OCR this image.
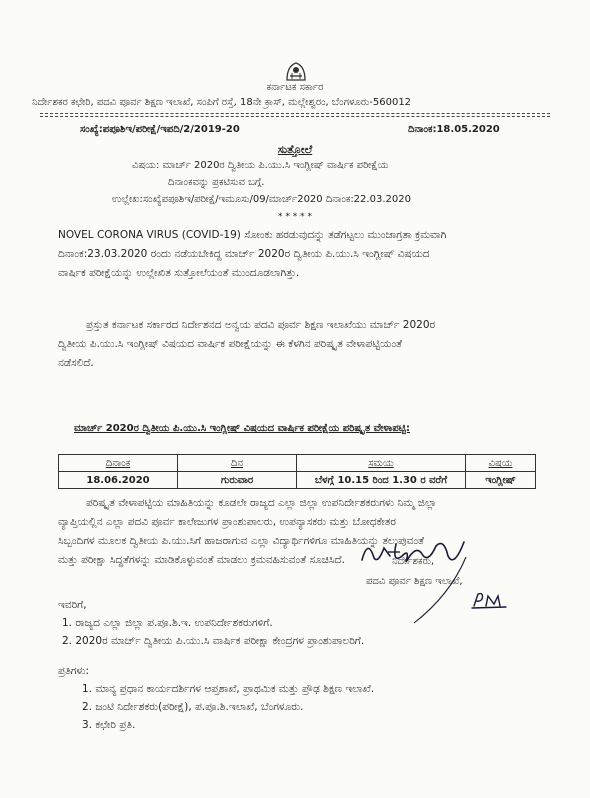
ಕರ್ನಾಟಕ ಸರ್ಕಾರ
ನಿರ್ದೇಶಕರ ಕಛೇರಿ, ಪದವಿ ಪೂರ್ವ ಶಿಕ್ಷಣ ಇಲಾಖೆ, ಸಂಪಿಗೆ ರಸ್ತೆ, 18ನೇ ಕ್ರಾಸ್, ಮಲ್ಲೇಶ್ವರಂ, ಬೆಂಗಳೂರು-560012
ಸಂಖ್ಯೆ:ಪಪೂಶಿಇ/ಪರೀಕ್ಷೆ/ಇಪದಿ/2/2019-20	ದಿನಾಂಕ:18.05.2020
ಸುತ್ತೋಲೆ
ವಿಷಯ: ಮಾರ್ಚ್ 2020ರ ದ್ವಿತೀಯ ಪಿ.ಯು.ಸಿ ಇಂಗ್ಲೀಷ್ ವಾರ್ಷಿಕ ಪರೀಕ್ಷೆಯ
ದಿನಾಂಕವನ್ನು ಪ್ರಕಟಿಸುವ ಬಗ್ಗೆ.
ಉಲ್ಲೇಖ:ಸಂಖ್ಯೆಪಪೂಶಿಇ/ಪರೀಕ್ಷೆ/ಇಮೂಸು/09/ಮಾರ್ಚ್2020 ದಿನಾಂಕ:22.03.2020
* * * * *
NOVEL CORONA VIRUS (COVID-19) ಸೋಂಕು ಹರಡುವುದನ್ನು ತಡೆಗಟ್ಟಲು ಮುಂಜಾಗ್ರತಾ ಕ್ರಮವಾಗಿ
ದಿನಾಂಕ:23.03.2020 ರಂದು ನಡೆಯಬೇಕಿದ್ದ ಮಾರ್ಚ್ 2020ರ ದ್ವಿತೀಯ ಪಿ.ಯು.ಸಿ ಇಂಗ್ಲೀಷ್ ವಿಷಯದ
ವಾರ್ಷಿಕ ಪರೀಕ್ಷೆಯನ್ನು ಉಲ್ಲೇಖಿತ ಸುತ್ತೋಲೆಯಂತೆ ಮುಂದೂಡಲಾಗಿತ್ತು.
ಪ್ರಸ್ತುತ ಕರ್ನಾಟಕ ಸರ್ಕಾರದ ನಿರ್ದೇಶನದ ಅನ್ವಯ ಪದವಿ ಪೂರ್ವ ಶಿಕ್ಷಣ ಇಲಾಖೆಯು ಮಾರ್ಚ್ 2020ರ
ದ್ವಿತೀಯ ಪಿ.ಯು.ಸಿ ಇಂಗ್ಲೀಷ್ ವಿಷಯದ ವಾರ್ಷಿಕ ಪರೀಕ್ಷೆಯನ್ನು ಈ ಕೆಳಗಿನ ಪರಿಷ್ಕೃತ ವೇಳಾಪಟ್ಟಿಯಂತೆ
ನಡೆಸಲಿದೆ.
ಮಾರ್ಚ್ 2020ರ ದ್ವಿತೀಯ ಪಿ.ಯು.ಸಿ ಇಂಗ್ಲೀಷ್ ವಿಷಯದ ವಾರ್ಷಿಕ ಪರೀಕ್ಷೆಯ ಪರಿಷ್ಕೃತ ವೇಳಾಪಟ್ಟಿ:
ದಿನಾಂಕ	ದಿನ	ಸಮಯ	ವಿಷಯ
18.06.2020	ಗುರುವಾರ	ಬೆಳಗ್ಗೆ 10.15 ರಿಂದ 1.30 ರ ವರೆಗೆ	ಇಂಗ್ಲೀಷ್
ಪರಿಷ್ಕೃತ ವೇಳಾಪಟ್ಟಿಯ ಮಾಹಿತಿಯನ್ನು ಕೂಡಲೇ ರಾಜ್ಯದ ಎಲ್ಲಾ ಜಿಲ್ಲಾ ಉಪನಿರ್ದೇಶಕರುಗಳು ನಿಮ್ಮ ಜಿಲ್ಲಾ
ವ್ಯಾಪ್ತಿಯಲ್ಲಿನ ಎಲ್ಲಾ ಪದವಿ ಪೂರ್ವ ಕಾಲೇಜುಗಳ ಪ್ರಾಂಶುಪಾಲರು, ಉಪನ್ಯಾಸಕರು ಮತ್ತು ಬೋಧಕೇತರ
ಸಿಬ್ಬಂದಿಗಳ ಮೂಲಕ ದ್ವಿತೀಯ ಪಿ.ಯು.ಸಿಗೆ ಹಾಜರಾಗುವ ಎಲ್ಲಾ ವಿದ್ಯಾರ್ಥಿಗಳಿಗೂ ಮಾಹಿತಿಯನ್ನು ತಲುಪುವಂತೆ
ಮತ್ತು ಪರೀಕ್ಷಾ ಸಿದ್ಧತೆಗಳನ್ನು ಮಾಡಿಕೊಳ್ಳುವಂತೆ ಮಾಡಲು ಕ್ರಮವಹಿಸುವಂತೆ ಸೂಚಿಸಿದೆ.	ನಿರ್ದೇಶಕರು,
ಪದವಿ ಪೂರ್ವ ಶಿಕ್ಷಣ ಇಲಾಖೆ,
ಇವರಿಗೆ,
1. ರಾಜ್ಯದ ಎಲ್ಲಾ ಜಿಲ್ಲಾ ಪ.ಪೂ.ಶಿ.ಇ. ಉಪನಿರ್ದೇಶಕರುಗಳಿಗೆ.
2. 2020ರ ಮಾರ್ಚ್ ದ್ವಿತೀಯ ಪಿ.ಯು.ಸಿ ವಾರ್ಷಿಕ ಪರೀಕ್ಷಾ ಕೇಂದ್ರಗಳ ಪ್ರಾಂಶುಪಾಲರಿಗೆ.
ಪ್ರತಿಗಳು:
1. ಮಾನ್ಯ ಪ್ರಧಾನ ಕಾರ್ಯದರ್ಶಿಗಳ ಆಪ್ತಶಾಖೆ, ಪ್ರಾಥಮಿಕ ಮತ್ತು ಪ್ರೌಢ ಶಿಕ್ಷಣ ಇಲಾಖೆ.
2. ಜಂಟಿ ನಿರ್ದೇಶಕರು(ಪರೀಕ್ಷೆ), ಪ.ಪೂ.ಶಿ.ಇಲಾಖೆ, ಬೆಂಗಳೂರು.
3. ಕಛೇರಿ ಪ್ರತಿ.
